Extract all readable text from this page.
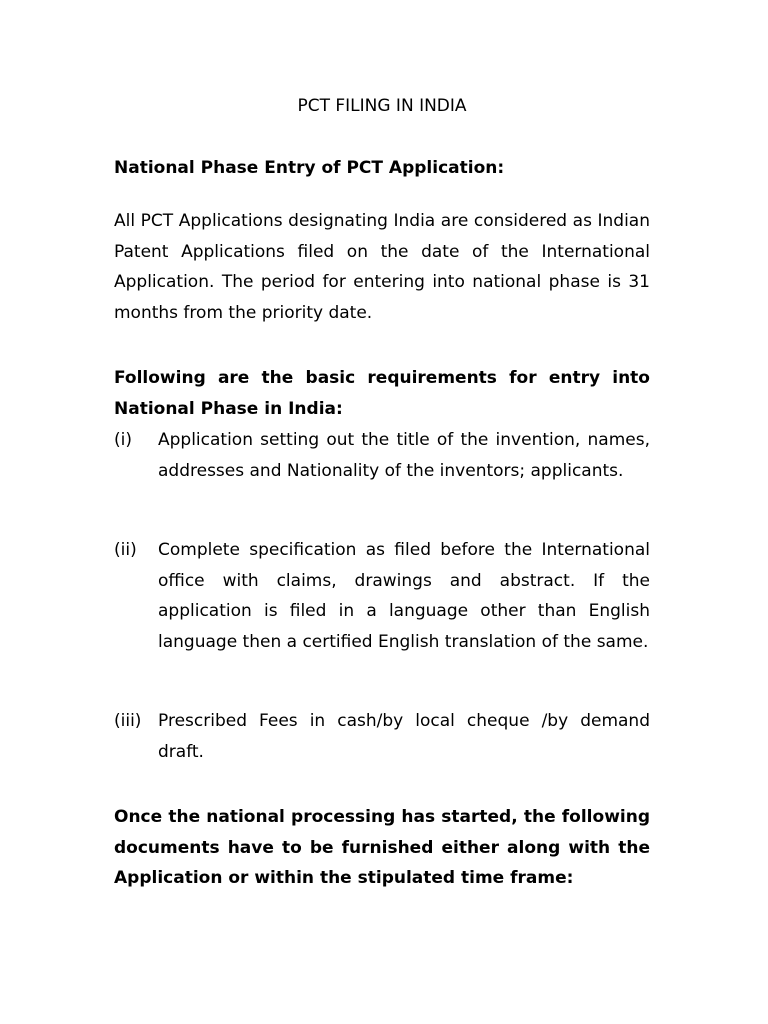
PCT FILING IN INDIA

National Phase Entry of PCT Application:

All PCT Applications designating India are considered as Indian Patent Applications filed on the date of the International Application. The period for entering into national phase is 31 months from the priority date.

Following are the basic requirements for entry into National Phase in India:

(i) Application setting out the title of the invention, names, addresses and Nationality of the inventors; applicants.
(ii) Complete specification as filed before the International office with claims, drawings and abstract. If the application is filed in a language other than English language then a certified English translation of the same.
(iii) Prescribed Fees in cash/by local cheque /by demand draft.

Once the national processing has started, the following documents have to be furnished either along with the Application or within the stipulated time frame:
